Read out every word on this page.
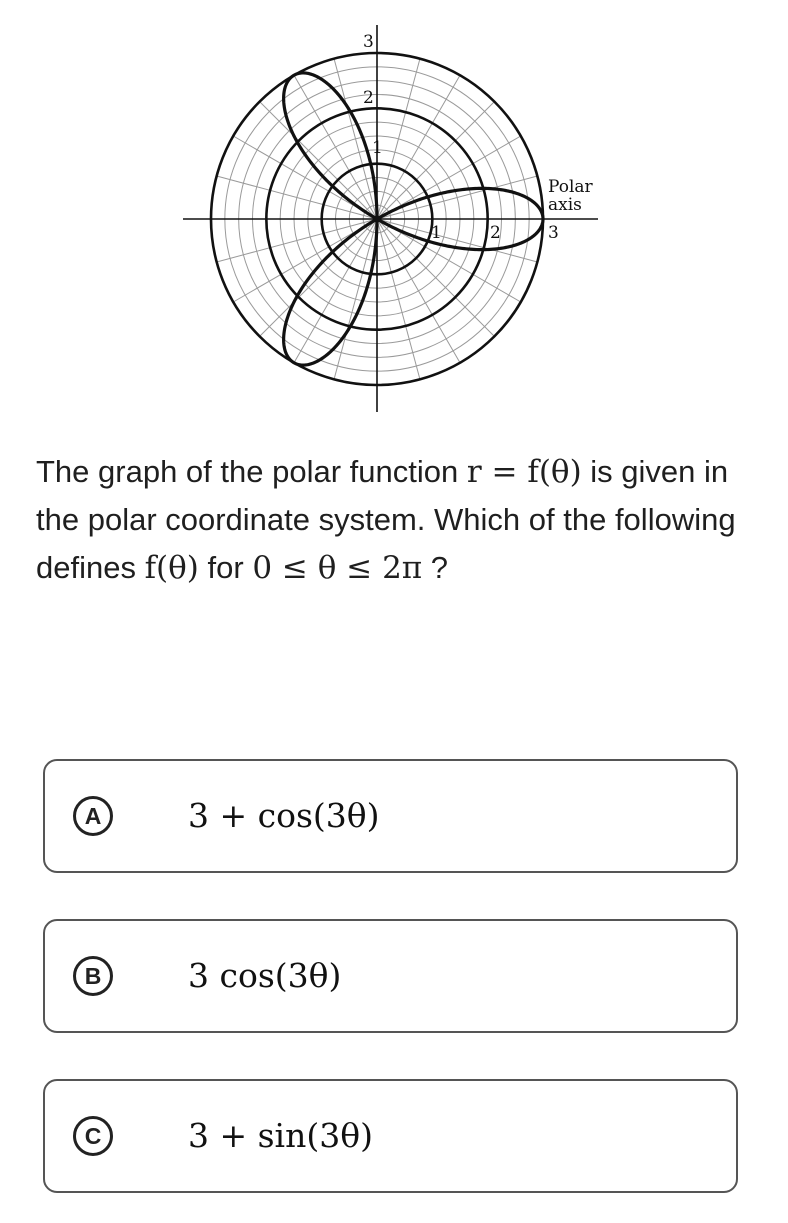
1
2
3
1	2
Polar
axis
3
The graph of the polar function r = f(θ) is given in the polar coordinate system. Which of the following defines f(θ) for 0 ≤ θ ≤ 2π ?
A	3 + cos(3θ)
B	3 cos(3θ)
C	3 + sin(3θ)
